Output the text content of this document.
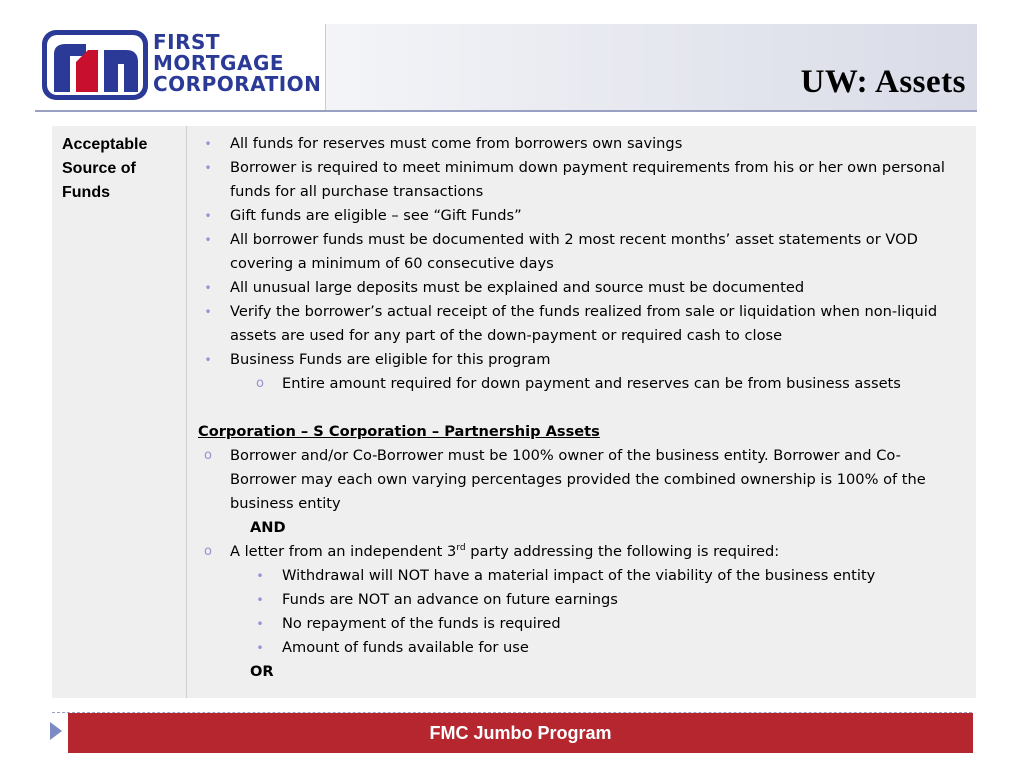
FIRST
MORTGAGE
CORPORATION	UW: Assets
Acceptable Source of Funds
•	All funds for reserves must come from borrowers own savings
•	Borrower is required to meet minimum down payment requirements from his or her own personal funds for all purchase transactions
•	Gift funds are eligible – see “Gift Funds”
•	All borrower funds must be documented with 2 most recent months’ asset statements or VOD covering a minimum of 60 consecutive days
•	All unusual large deposits must be explained and source must be documented
•	Verify the borrower’s actual receipt of the funds realized from sale or liquidation when non-liquid assets are used for any part of the down-payment or required cash to close
•	Business Funds are eligible for this program
o	Entire amount required for down payment and reserves can be from business assets
Corporation – S Corporation – Partnership Assets
o	Borrower and/or Co-Borrower must be 100% owner of the business entity. Borrower and Co-Borrower may each own varying percentages provided the combined ownership is 100% of the business entity
AND
o	A letter from an independent 3rd party addressing the following is required:
•	Withdrawal will NOT have a material impact of the viability of the business entity
•	Funds are NOT an advance on future earnings
•	No repayment of the funds is required
•	Amount of funds available for use
OR
FMC Jumbo Program
